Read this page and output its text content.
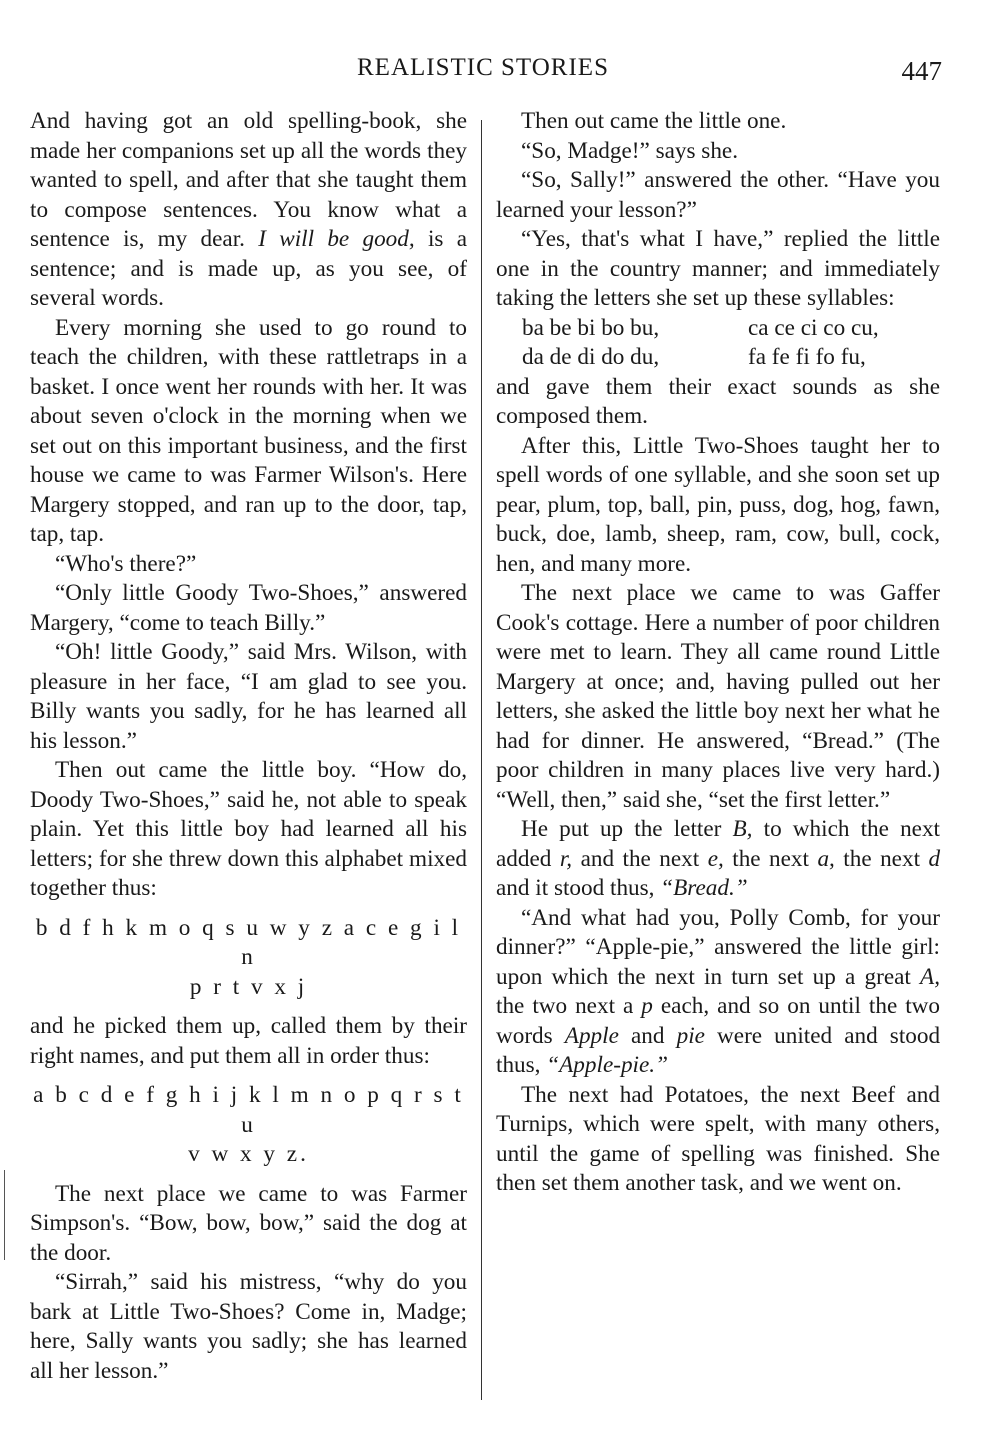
REALISTIC STORIES	447

And having got an old spelling-book, she made her companions set up all the words they wanted to spell, and after that she taught them to compose sentences. You know what a sentence is, my dear. I will be good, is a sentence; and is made up, as you see, of several words.

Every morning she used to go round to teach the children, with these rattletraps in a basket. I once went her rounds with her. It was about seven o'clock in the morning when we set out on this important business, and the first house we came to was Farmer Wilson's. Here Margery stopped, and ran up to the door, tap, tap, tap.

“Who's there?”

“Only little Goody Two-Shoes,” answered Margery, “come to teach Billy.”

“Oh! little Goody,” said Mrs. Wilson, with pleasure in her face, “I am glad to see you. Billy wants you sadly, for he has learned all his lesson.”

Then out came the little boy. “How do, Doody Two-Shoes,” said he, not able to speak plain. Yet this little boy had learned all his letters; for she threw down this alphabet mixed together thus:

b d f h k m o q s u w y z a c e g i l n

p r t v x j

and he picked them up, called them by their right names, and put them all in order thus:

a b c d e f g h i j k l m n o p q r s t u

v w x y z.

The next place we came to was Farmer Simpson's. “Bow, bow, bow,” said the dog at the door.

“Sirrah,” said his mistress, “why do you bark at Little Two-Shoes? Come in, Madge; here, Sally wants you sadly; she has learned all her lesson.”

Then out came the little one.

“So, Madge!” says she.

“So, Sally!” answered the other. “Have you learned your lesson?”

“Yes, that's what I have,” replied the little one in the country manner; and immediately taking the letters she set up these syllables:

ba be bi bo bu,	ca ce ci co cu,
da de di do du,	fa fe fi fo fu,

and gave them their exact sounds as she composed them.

After this, Little Two-Shoes taught her to spell words of one syllable, and she soon set up pear, plum, top, ball, pin, puss, dog, hog, fawn, buck, doe, lamb, sheep, ram, cow, bull, cock, hen, and many more.

The next place we came to was Gaffer Cook's cottage. Here a number of poor children were met to learn. They all came round Little Margery at once; and, having pulled out her letters, she asked the little boy next her what he had for dinner. He answered, “Bread.” (The poor children in many places live very hard.) “Well, then,” said she, “set the first letter.”

He put up the letter B, to which the next added r, and the next e, the next a, the next d and it stood thus, “Bread.”

“And what had you, Polly Comb, for your dinner?” “Apple-pie,” answered the little girl: upon which the next in turn set up a great A, the two next a p each, and so on until the two words Apple and pie were united and stood thus, “Apple-pie.”

The next had Potatoes, the next Beef and Turnips, which were spelt, with many others, until the game of spelling was finished. She then set them another task, and we went on.
